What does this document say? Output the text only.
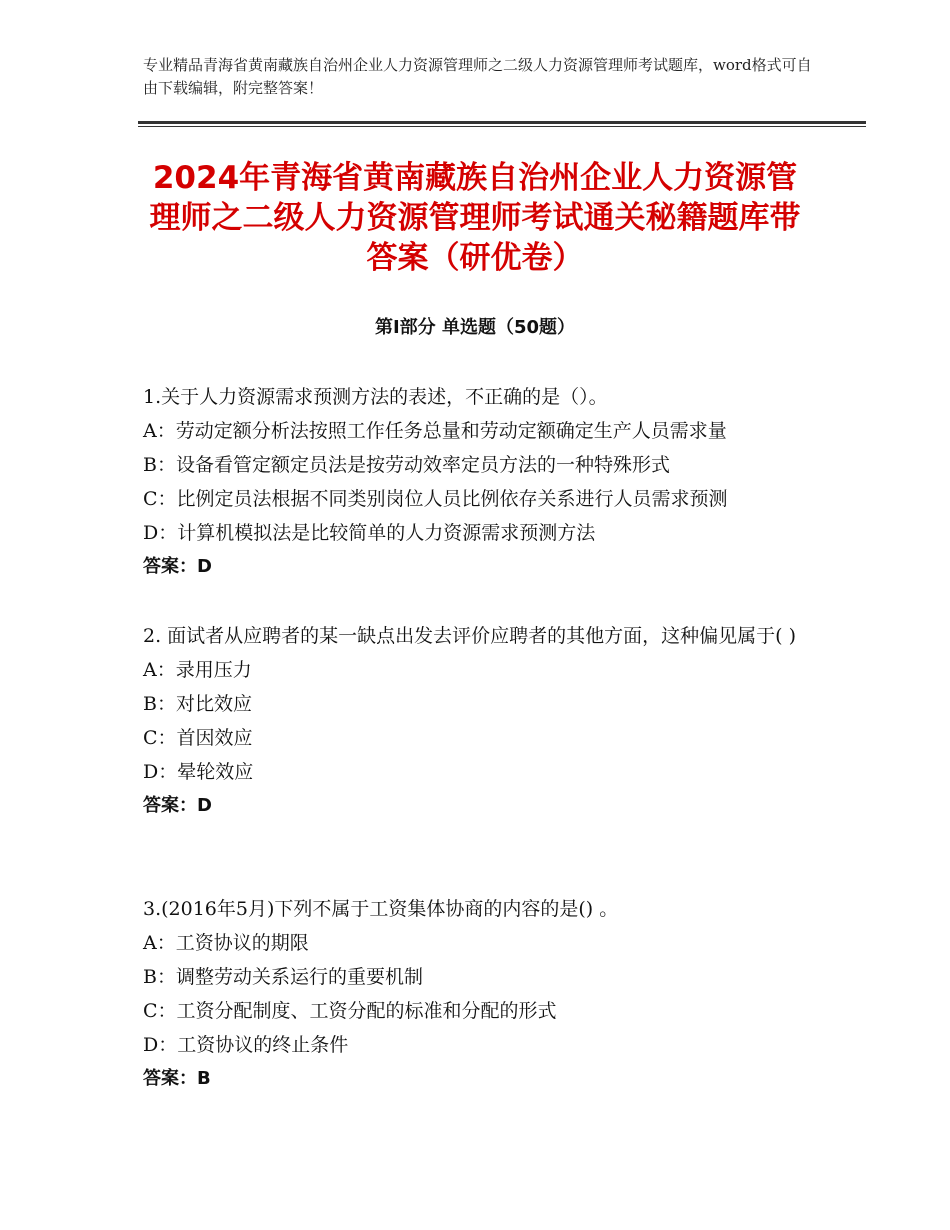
专业精品青海省黄南藏族自治州企业人力资源管理师之二级人力资源管理师考试题库，word格式可自由下载编辑，附完整答案！
2024年青海省黄南藏族自治州企业人力资源管理师之二级人力资源管理师考试通关秘籍题库带答案（研优卷）
第Ⅰ部分 单选题（50题）
1.关于人力资源需求预测方法的表述，不正确的是（）。
A：劳动定额分析法按照工作任务总量和劳动定额确定生产人员需求量
B：设备看管定额定员法是按劳动效率定员方法的一种特殊形式
C：比例定员法根据不同类别岗位人员比例依存关系进行人员需求预测
D：计算机模拟法是比较简单的人力资源需求预测方法
答案：D
2. 面试者从应聘者的某一缺点出发去评价应聘者的其他方面，这种偏见属于( )
A：录用压力
B：对比效应
C：首因效应
D：晕轮效应
答案：D
3.(2016年5月)下列不属于工资集体协商的内容的是() 。
A：工资协议的期限
B：调整劳动关系运行的重要机制
C：工资分配制度、工资分配的标准和分配的形式
D：工资协议的终止条件
答案：B
